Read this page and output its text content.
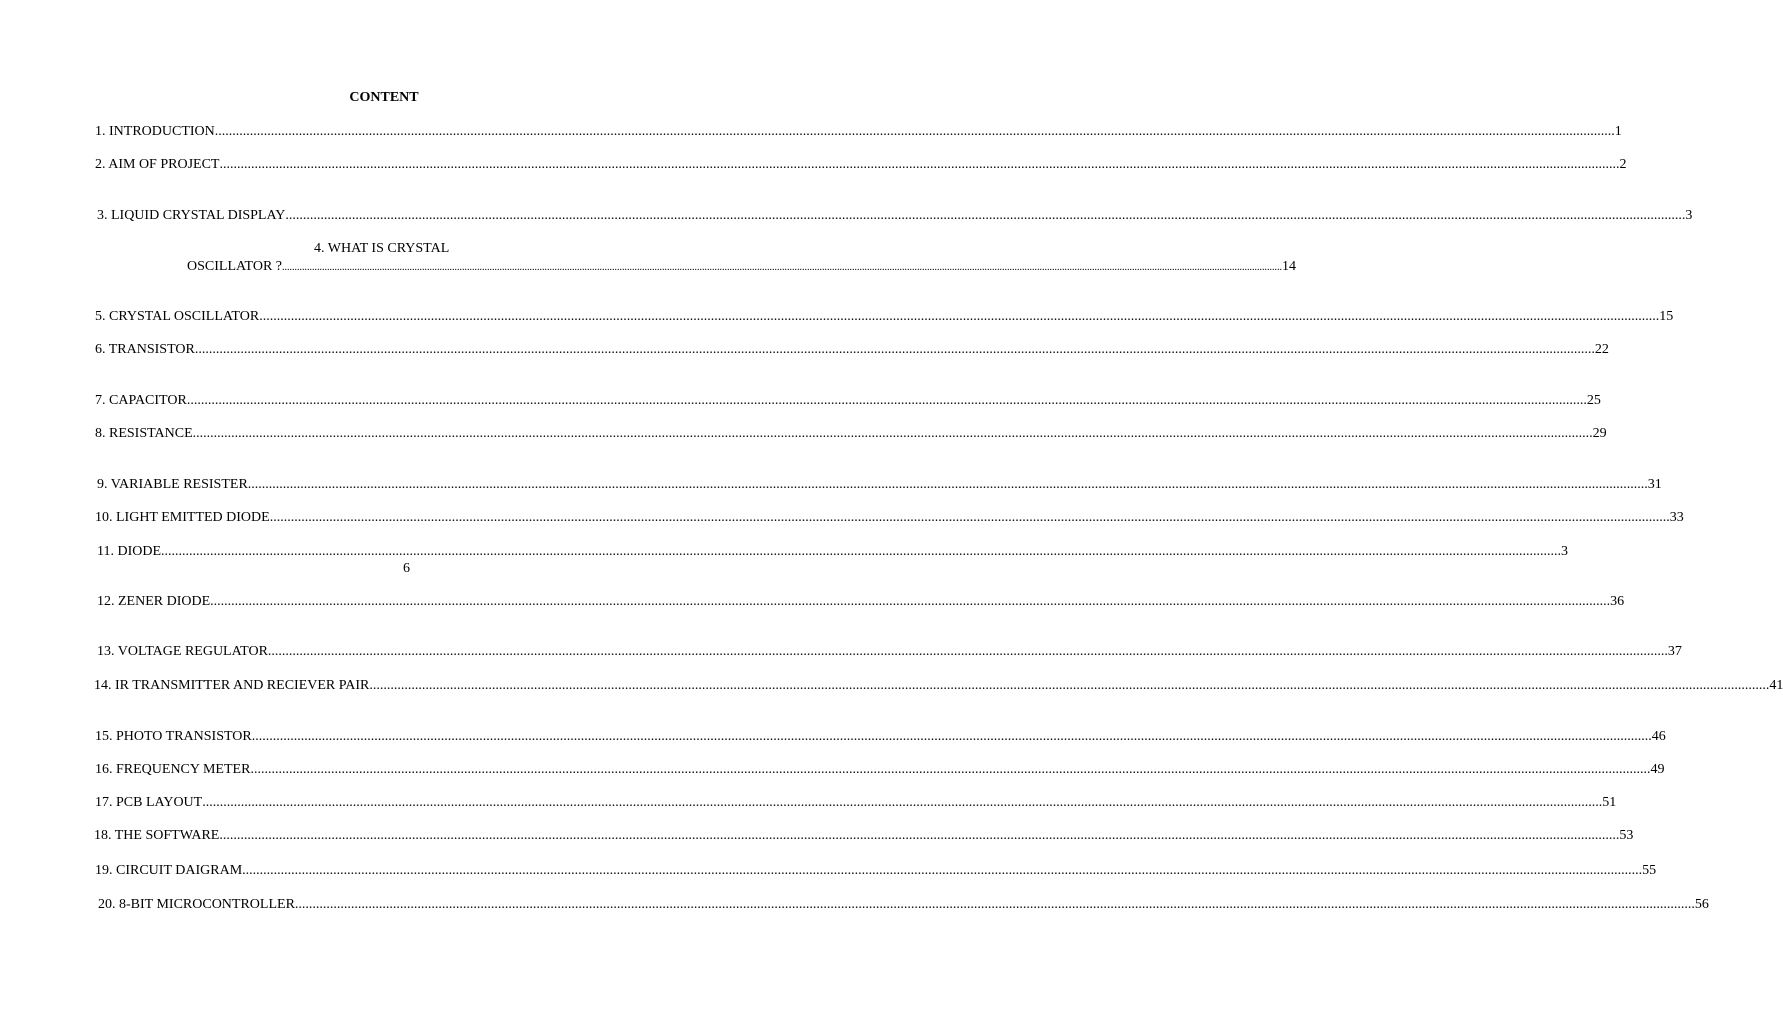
CONTENT
1. INTRODUCTION ................................................................................................................................................................................................................................................................................................................................................................................................................ 1
2. AIM OF PROJECT ................................................................................................................................................................................................................................................................................................................................................................................................................ 2
3. LIQUID CRYSTAL DISPLAY ................................................................................................................................................................................................................................................................................................................................................................................................................ 3
4. WHAT IS CRYSTAL
OSCILLATOR ? ................................................................................................................................................................................................................................................................................................................................................................................................................ 14
5. CRYSTAL OSCILLATOR ................................................................................................................................................................................................................................................................................................................................................................................................................ 15
6. TRANSISTOR ................................................................................................................................................................................................................................................................................................................................................................................................................ 22
7. CAPACITOR ................................................................................................................................................................................................................................................................................................................................................................................................................ 25
8. RESISTANCE ................................................................................................................................................................................................................................................................................................................................................................................................................ 29
9. VARIABLE RESISTER ................................................................................................................................................................................................................................................................................................................................................................................................................ 31
10. LIGHT EMITTED DIODE ................................................................................................................................................................................................................................................................................................................................................................................................................ 33
11. DIODE ................................................................................................................................................................................................................................................................................................................................................................................................................ 3
6
12. ZENER DIODE ................................................................................................................................................................................................................................................................................................................................................................................................................ 36
13. VOLTAGE REGULATOR ................................................................................................................................................................................................................................................................................................................................................................................................................ 37
14. IR TRANSMITTER AND RECIEVER PAIR ................................................................................................................................................................................................................................................................................................................................................................................................................ 41
15. PHOTO TRANSISTOR ................................................................................................................................................................................................................................................................................................................................................................................................................ 46
16. FREQUENCY METER ................................................................................................................................................................................................................................................................................................................................................................................................................ 49
17. PCB LAYOUT ................................................................................................................................................................................................................................................................................................................................................................................................................ 51
18. THE SOFTWARE ................................................................................................................................................................................................................................................................................................................................................................................................................ 53
19. CIRCUIT DAIGRAM ................................................................................................................................................................................................................................................................................................................................................................................................................ 55
20. 8-BIT MICROCONTROLLER ................................................................................................................................................................................................................................................................................................................................................................................................................ 56
